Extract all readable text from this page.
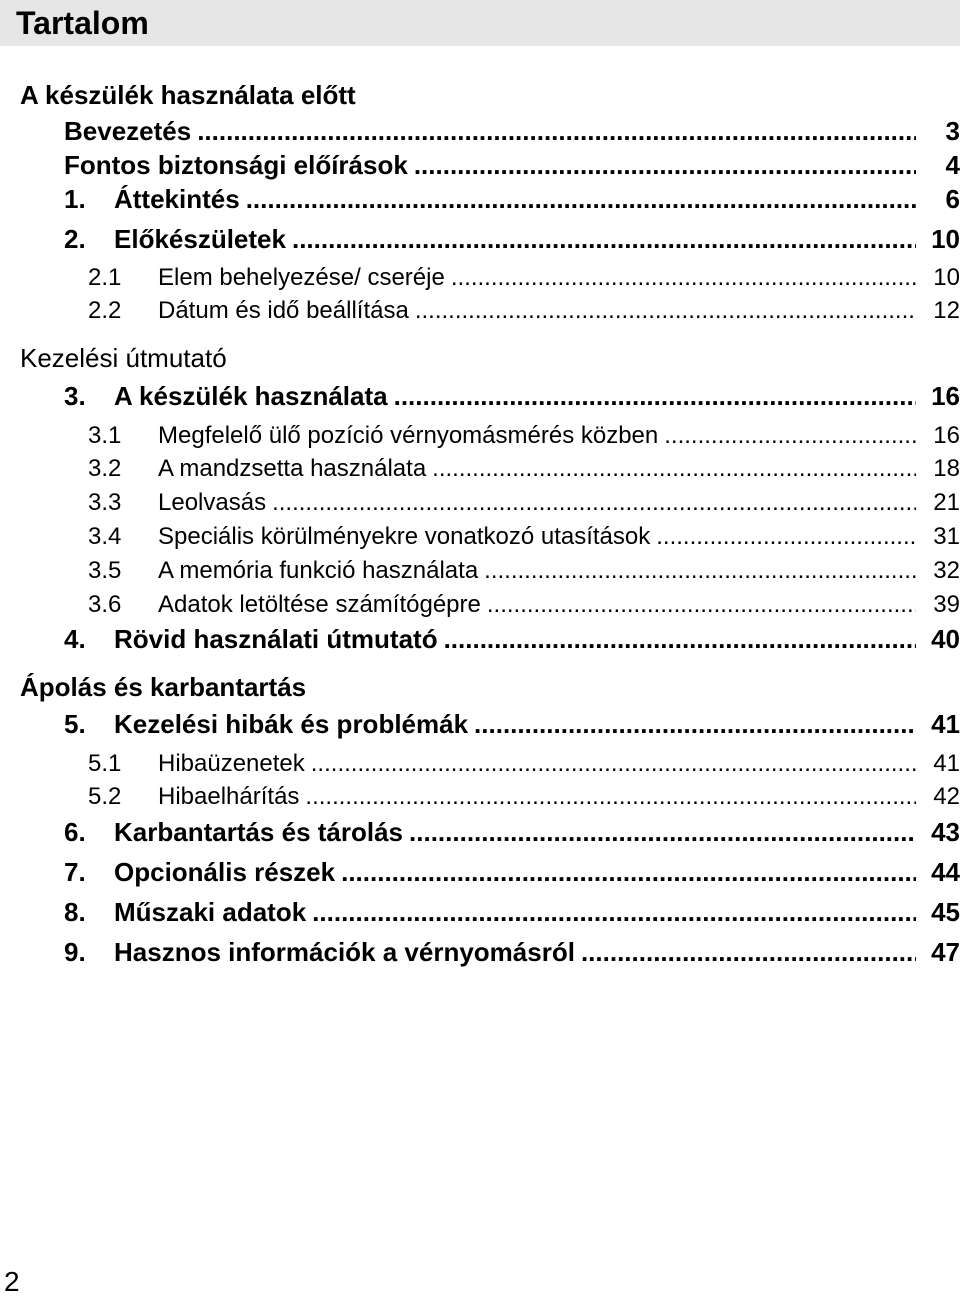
Tartalom
A készülék használata előtt
Bevezetés .....	3
Fontos biztonsági előírások .....	4
1.	Áttekintés .....	6
2.	Előkészületek .....	10
2.1	Elem behelyezése/ cseréje .....	10
2.2	Dátum és idő beállítása .....	12
Kezelési útmutató
3.	A készülék használata .....	16
3.1	Megfelelő ülő pozíció vérnyomásmérés közben .....	16
3.2	A mandzsetta használata .....	18
3.3	Leolvasás .....	21
3.4	Speciális körülményekre vonatkozó utasítások .....	31
3.5	A memória funkció használata .....	32
3.6	Adatok letöltése számítógépre .....	39
4.	Rövid használati útmutató .....	40
Ápolás és karbantartás
5.	Kezelési hibák és problémák .....	41
5.1	Hibaüzenetek .....	41
5.2	Hibaelhárítás .....	42
6.	Karbantartás és tárolás .....	43
7.	Opcionális részek .....	44
8.	Műszaki adatok .....	45
9.	Hasznos információk a vérnyomásról .....	47
2
